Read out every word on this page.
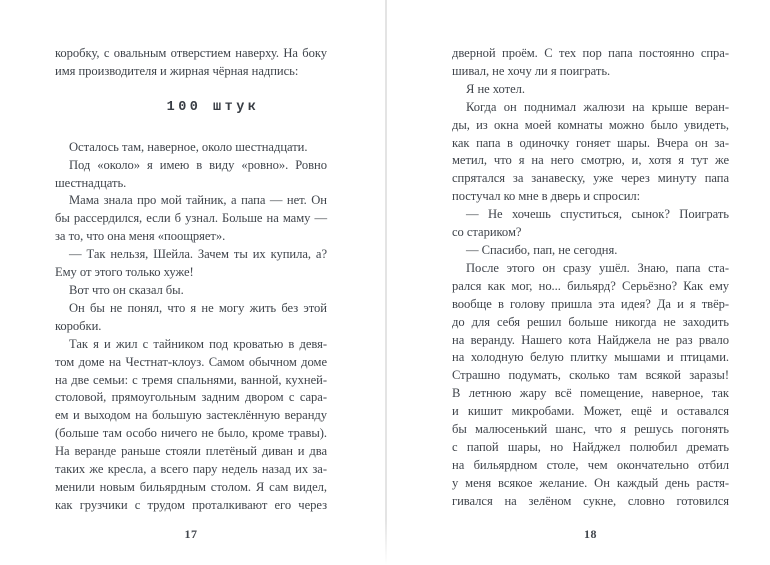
коробку, с овальным отверстием наверху. На боку
имя производителя и жирная чёрная надпись:
100 штук
Осталось там, наверное, около шестнадцати.
Под «около» я имею в виду «ровно». Ровно
шестнадцать.
Мама знала про мой тайник, а папа — нет. Он
бы рассердился, если б узнал. Больше на маму —
за то, что она меня «поощряет».
— Так нельзя, Шейла. Зачем ты их купила, а?
Ему от этого только хуже!
Вот что он сказал бы.
Он бы не понял, что я не могу жить без этой
коробки.
Так я и жил с тайником под кроватью в девя-
том доме на Честнат-клоуз. Самом обычном доме
на две семьи: с тремя спальнями, ванной, кухней-
столовой, прямоугольным задним двором с сара-
ем и выходом на большую застеклённую веранду
(больше там особо ничего не было, кроме травы).
На веранде раньше стояли плетёный диван и два
таких же кресла, а всего пару недель назад их за-
менили новым бильярдным столом. Я сам видел,
как грузчики с трудом проталкивают его через
17
дверной проём. С тех пор папа постоянно спра-
шивал, не хочу ли я поиграть.
Я не хотел.
Когда он поднимал жалюзи на крыше веран-
ды, из окна моей комнаты можно было увидеть,
как папа в одиночку гоняет шары. Вчера он за-
метил, что я на него смотрю, и, хотя я тут же
спрятался за занавеску, уже через минуту папа
постучал ко мне в дверь и спросил:
— Не хочешь спуститься, сынок? Поиграть
со стариком?
— Спасибо, пап, не сегодня.
После этого он сразу ушёл. Знаю, папа ста-
рался как мог, но... бильярд? Серьёзно? Как ему
вообще в голову пришла эта идея? Да и я твёр-
до для себя решил больше никогда не заходить
на веранду. Нашего кота Найджела не раз рвало
на холодную белую плитку мышами и птицами.
Страшно подумать, сколько там всякой заразы!
В летнюю жару всё помещение, наверное, так
и кишит микробами. Может, ещё и оставался
бы малюсенький шанс, что я решусь погонять
с папой шары, но Найджел полюбил дремать
на бильярдном столе, чем окончательно отбил
у меня всякое желание. Он каждый день растя-
гивался на зелёном сукне, словно готовился
18
